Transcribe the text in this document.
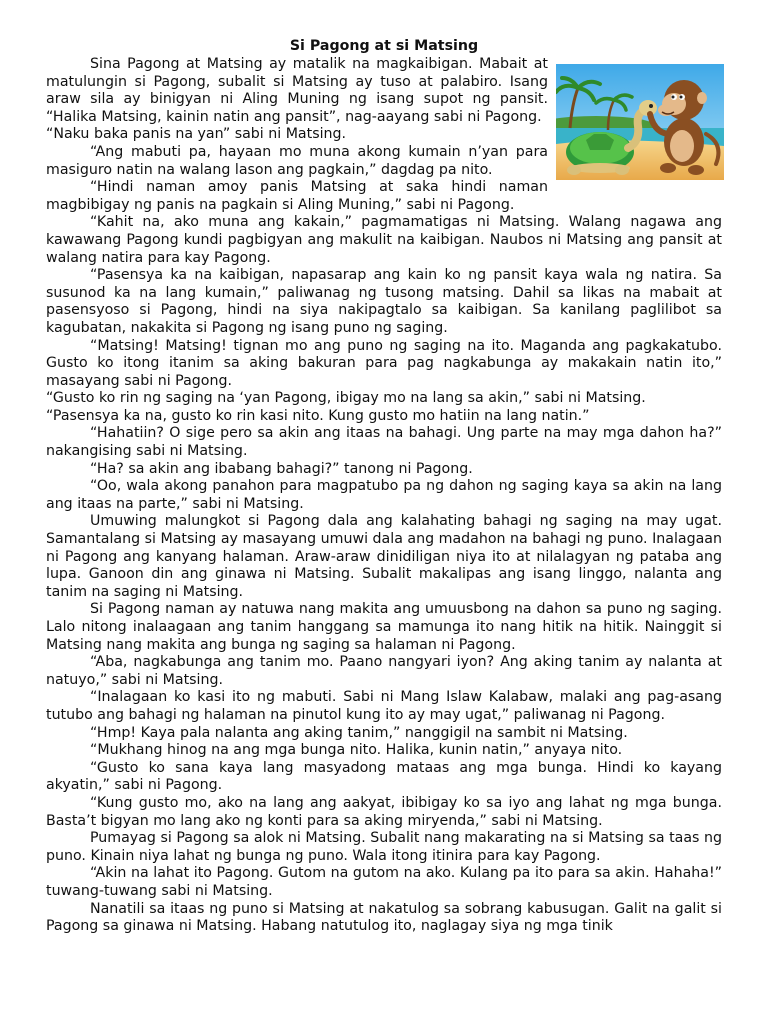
Si Pagong at si Matsing

Sina Pagong at Matsing ay matalik na magkaibigan. Mabait at matulungin si Pagong, subalit si Matsing ay tuso at palabiro. Isang araw sila ay binigyan ni Aling Muning ng isang supot ng pansit. “Halika Matsing, kainin natin ang pansit”, nag-aayang sabi ni Pagong.

“Naku baka panis na yan” sabi ni Matsing.

“Ang mabuti pa, hayaan mo muna akong kumain n’yan para masiguro natin na walang lason ang pagkain,” dagdag pa nito.

“Hindi naman amoy panis Matsing at saka hindi naman magbibigay ng panis na pagkain si Aling Muning,” sabi ni Pagong.

“Kahit na, ako muna ang kakain,” pagmamatigas ni Matsing. Walang nagawa ang kawawang Pagong kundi pagbigyan ang makulit na kaibigan. Naubos ni Matsing ang pansit at walang natira para kay Pagong.

“Pasensya ka na kaibigan, napasarap ang kain ko ng pansit kaya wala ng natira. Sa susunod ka na lang kumain,” paliwanag ng tusong matsing. Dahil sa likas na mabait at pasensyoso si Pagong, hindi na siya nakipagtalo sa kaibigan. Sa kanilang paglilibot sa kagubatan, nakakita si Pagong ng isang puno ng saging.

“Matsing! Matsing! tignan mo ang puno ng saging na ito. Maganda ang pagkakatubo. Gusto ko itong itanim sa aking bakuran para pag nagkabunga ay makakain natin ito,” masayang sabi ni Pagong.

“Gusto ko rin ng saging na ‘yan Pagong, ibigay mo na lang sa akin,” sabi ni Matsing.

“Pasensya ka na, gusto ko rin kasi nito. Kung gusto mo hatiin na lang natin.”

“Hahatiin? O sige pero sa akin ang itaas na bahagi. Ung parte na may mga dahon ha?” nakangising sabi ni Matsing.

“Ha? sa akin ang ibabang bahagi?” tanong ni Pagong.

“Oo, wala akong panahon para magpatubo pa ng dahon ng saging kaya sa akin na lang ang itaas na parte,” sabi ni Matsing.

Umuwing malungkot si Pagong dala ang kalahating bahagi ng saging na may ugat. Samantalang si Matsing ay masayang umuwi dala ang madahon na bahagi ng puno. Inalagaan ni Pagong ang kanyang halaman. Araw-araw dinidiligan niya ito at nilalagyan ng pataba ang lupa. Ganoon din ang ginawa ni Matsing. Subalit makalipas ang isang linggo, nalanta ang tanim na saging ni Matsing.

Si Pagong naman ay natuwa nang makita ang umuusbong na dahon sa puno ng saging. Lalo nitong inalaagaan ang tanim hanggang sa mamunga ito nang hitik na hitik. Nainggit si Matsing nang makita ang bunga ng saging sa halaman ni Pagong.

“Aba, nagkabunga ang tanim mo. Paano nangyari iyon? Ang aking tanim ay nalanta at natuyo,” sabi ni Matsing.

“Inalagaan ko kasi ito ng mabuti. Sabi ni Mang Islaw Kalabaw, malaki ang pag-asang tutubo ang bahagi ng halaman na pinutol kung ito ay may ugat,” paliwanag ni Pagong.

“Hmp! Kaya pala nalanta ang aking tanim,” nanggigil na sambit ni Matsing.

“Mukhang hinog na ang mga bunga nito. Halika, kunin natin,” anyaya nito.

“Gusto ko sana kaya lang masyadong mataas ang mga bunga. Hindi ko kayang akyatin,” sabi ni Pagong.

“Kung gusto mo, ako na lang ang aakyat, ibibigay ko sa iyo ang lahat ng mga bunga. Basta’t bigyan mo lang ako ng konti para sa aking miryenda,” sabi ni Matsing.

Pumayag si Pagong sa alok ni Matsing. Subalit nang makarating na si Matsing sa taas ng puno. Kinain niya lahat ng bunga ng puno. Wala itong itinira para kay Pagong.

“Akin na lahat ito Pagong. Gutom na gutom na ako. Kulang pa ito para sa akin. Hahaha!” tuwang-tuwang sabi ni Matsing.

Nanatili sa itaas ng puno si Matsing at nakatulog sa sobrang kabusugan. Galit na galit si Pagong sa ginawa ni Matsing. Habang natutulog ito, naglagay siya ng mga tinik
